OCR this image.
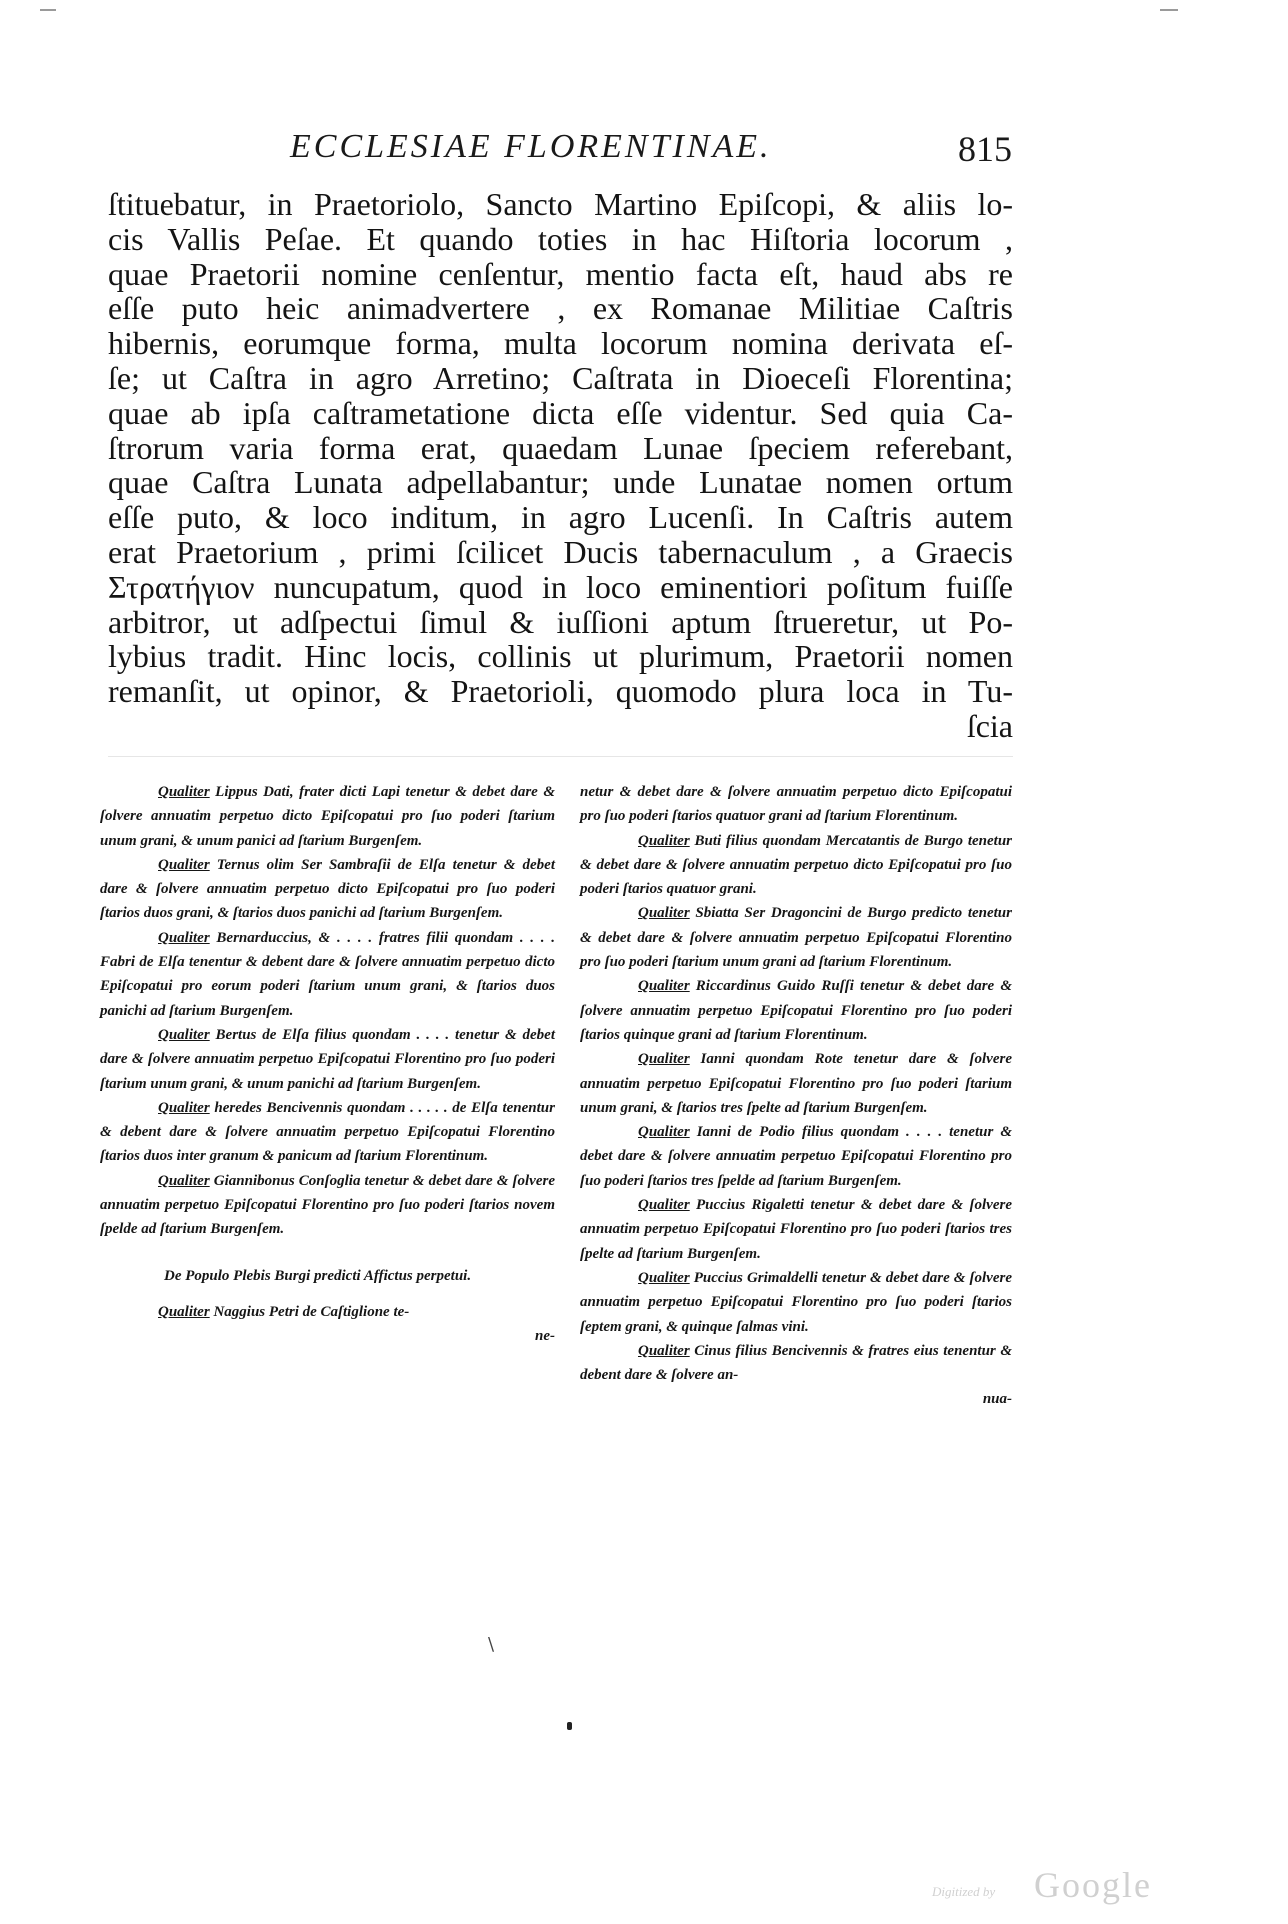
ECCLESIAE FLORENTINAE.	815
ſtituebatur, in Praetoriolo, Sancto Martino Epiſcopi, & aliis lo-
cis Vallis Peſae. Et quando toties in hac Hiſtoria locorum ,
quae Praetorii nomine cenſentur, mentio facta eſt, haud abs re
eſſe puto heic animadvertere , ex Romanae Militiae Caſtris
hibernis, eorumque forma, multa locorum nomina derivata eſ-
ſe; ut Caſtra in agro Arretino; Caſtrata in Dioeceſi Florentina;
quae ab ipſa caſtrametatione dicta eſſe videntur. Sed quia Ca-
ſtrorum varia forma erat, quaedam Lunae ſpeciem referebant,
quae Caſtra Lunata adpellabantur; unde Lunatae nomen ortum
eſſe puto, & loco inditum, in agro Lucenſi. In Caſtris autem
erat Praetorium , primi ſcilicet Ducis tabernaculum , a Graecis
Στρατήγιον nuncupatum, quod in loco eminentiori poſitum fuiſſe
arbitror, ut adſpectui ſimul & iuſſioni aptum ſtrueretur, ut Po-
lybius tradit. Hinc locis, collinis ut plurimum, Praetorii nomen
remanſit, ut opinor, & Praetorioli, quomodo plura loca in Tu-
ſcia

Qualiter Lippus Dati, frater dicti Lapi tenetur & debet dare & ſolvere annuatim perpetuo dicto Epiſcopatui pro ſuo poderi ſtarium unum grani, & unum panici ad ſtarium Burgenſem.

Qualiter Ternus olim Ser Sambraſii de Elſa tenetur & debet dare & ſolvere annuatim perpetuo dicto Epiſcopatui pro ſuo poderi ſtarios duos grani, & ſtarios duos panichi ad ſtarium Burgenſem.

Qualiter Bernarduccius, & . . . . fratres filii quondam . . . . Fabri de Elſa tenentur & debent dare & ſolvere annuatim perpetuo dicto Epiſcopatui pro eorum poderi ſtarium unum grani, & ſtarios duos panichi ad ſtarium Burgenſem.

Qualiter Bertus de Elſa filius quondam . . . . tenetur & debet dare & ſolvere annuatim perpetuo Epiſcopatui Florentino pro ſuo poderi ſtarium unum grani, & unum panichi ad ſtarium Burgenſem.

Qualiter heredes Bencivennis quondam . . . . . de Elſa tenentur & debent dare & ſolvere annuatim perpetuo Epiſcopatui Florentino ſtarios duos inter granum & panicum ad ſtarium Florentinum.

Qualiter Giannibonus Conſoglia tenetur & debet dare & ſolvere annuatim perpetuo Epiſcopatui Florentino pro ſuo poderi ſtarios novem ſpelde ad ſtarium Burgenſem.

De Populo Plebis Burgi predicti Affictus perpetui.

Qualiter Naggius Petri de Caſtiglione te-

ne-

netur & debet dare & ſolvere annuatim perpetuo dicto Epiſcopatui pro ſuo poderi ſtarios quatuor grani ad ſtarium Florentinum.

Qualiter Buti filius quondam Mercatantis de Burgo tenetur & debet dare & ſolvere annuatim perpetuo dicto Epiſcopatui pro ſuo poderi ſtarios quatuor grani.

Qualiter Sbiatta Ser Dragoncini de Burgo predicto tenetur & debet dare & ſolvere annuatim perpetuo Epiſcopatui Florentino pro ſuo poderi ſtarium unum grani ad ſtarium Florentinum.

Qualiter Riccardinus Guido Ruſſi tenetur & debet dare & ſolvere annuatim perpetuo Epiſcopatui Florentino pro ſuo poderi ſtarios quinque grani ad ſtarium Florentinum.

Qualiter Ianni quondam Rote tenetur dare & ſolvere annuatim perpetuo Epiſcopatui Florentino pro ſuo poderi ſtarium unum grani, & ſtarios tres ſpelte ad ſtarium Burgenſem.

Qualiter Ianni de Podio filius quondam . . . . tenetur & debet dare & ſolvere annuatim perpetuo Epiſcopatui Florentino pro ſuo poderi ſtarios tres ſpelde ad ſtarium Burgenſem.

Qualiter Puccius Rigaletti tenetur & debet dare & ſolvere annuatim perpetuo Epiſcopatui Florentino pro ſuo poderi ſtarios tres ſpelte ad ſtarium Burgenſem.

Qualiter Puccius Grimaldelli tenetur & debet dare & ſolvere annuatim perpetuo Epiſcopatui Florentino pro ſuo poderi ſtarios ſeptem grani, & quinque ſalmas vini.

Qualiter Cinus filius Bencivennis & fratres eius tenentur & debent dare & ſolvere an-

nua-

\
Digitized by Google
